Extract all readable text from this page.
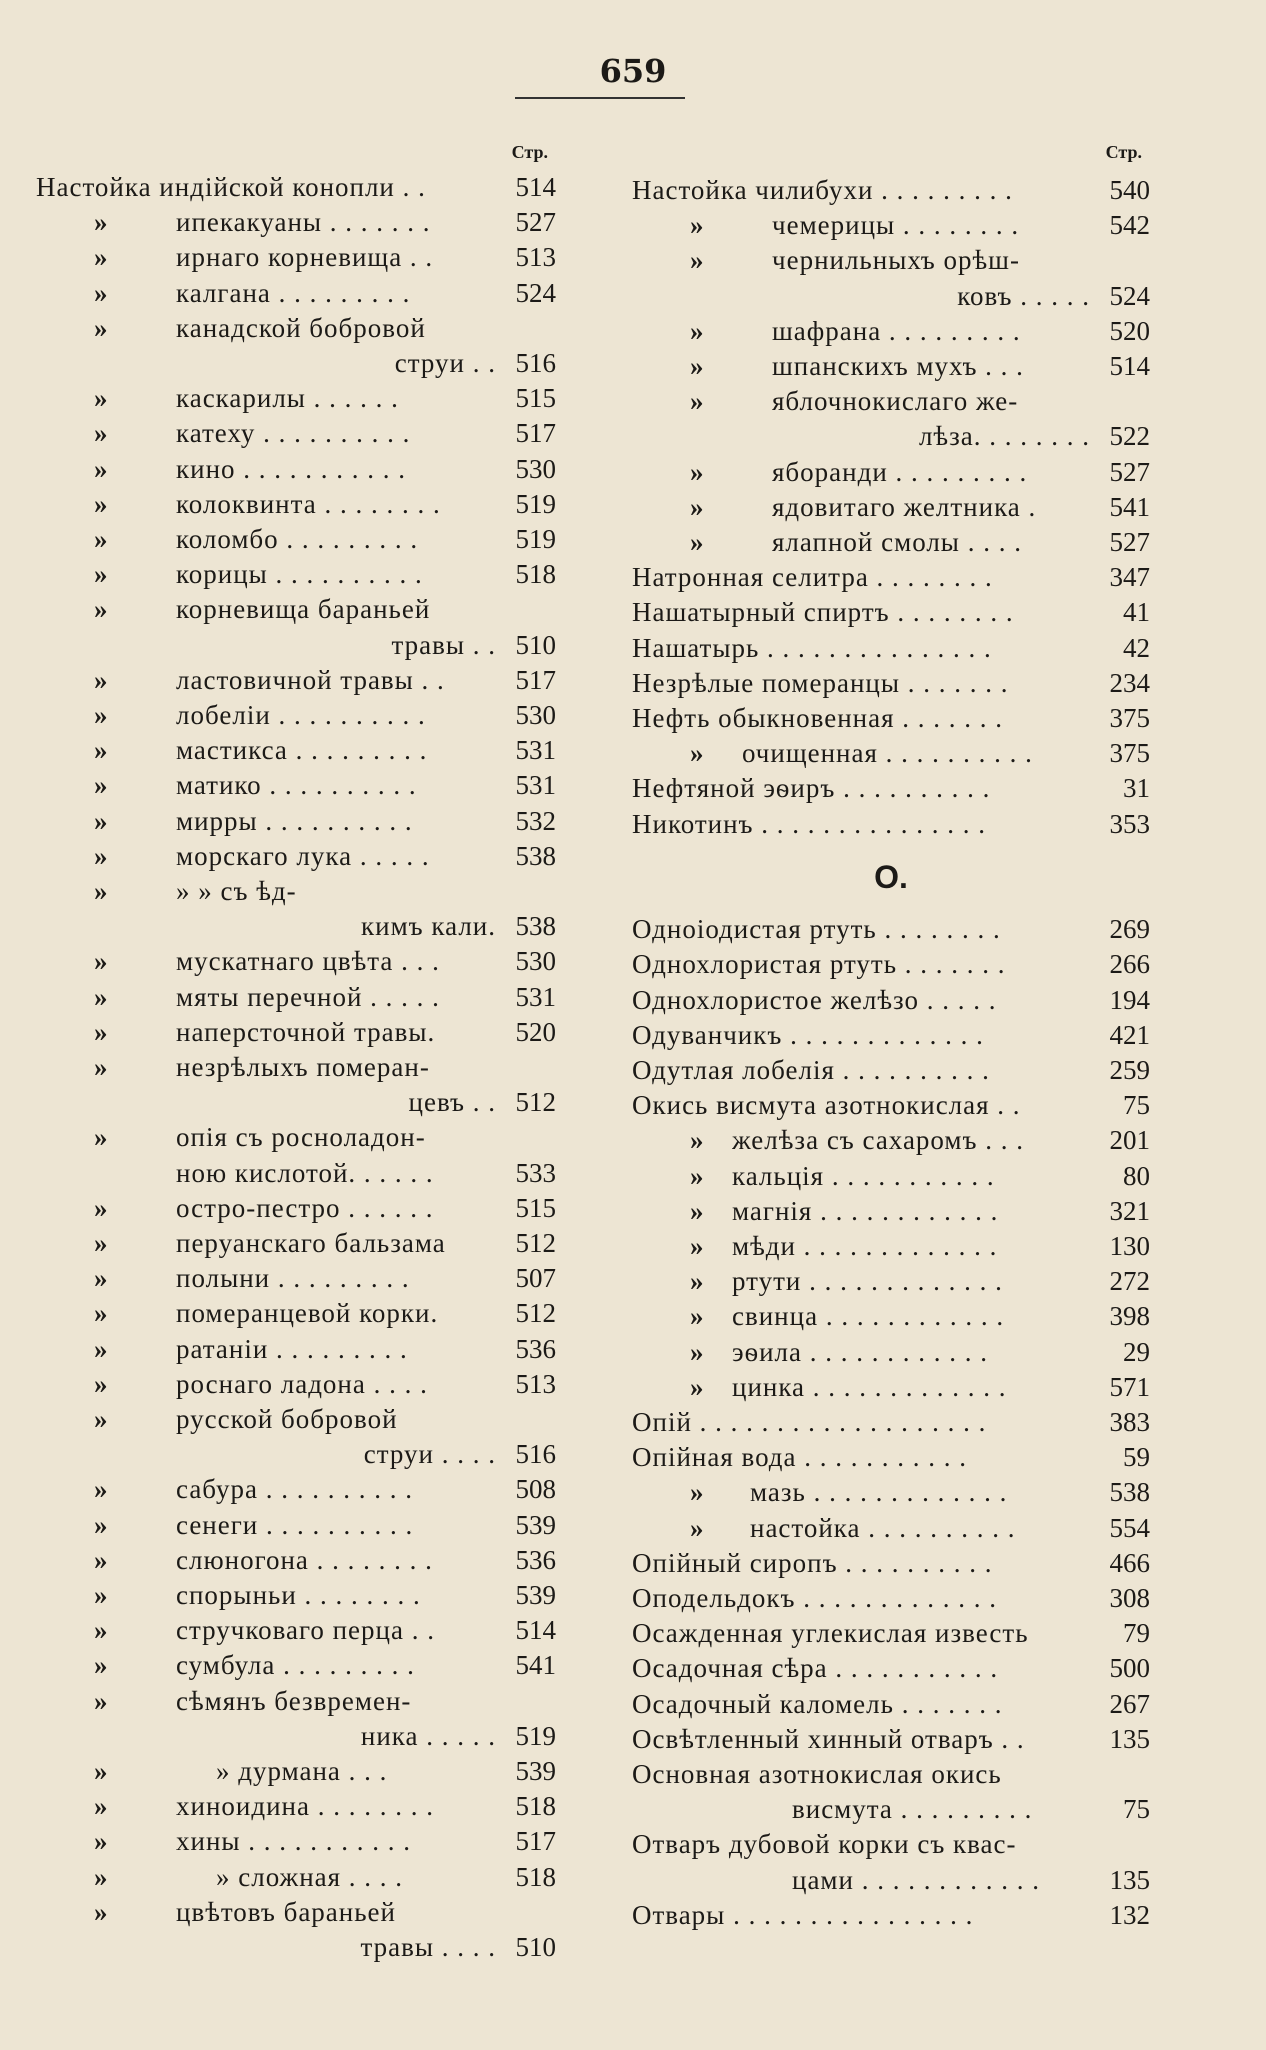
659
Стр.
Настойка индійской конопли . .	514
»	ипекакуаны . . . . . . .	527
»	ирнаго корневища . .	513
»	калгана . . . . . . . . .	524
»	канадской бобровой
струи . . 516
»	каскарилы . . . . . .	515
»	катеху . . . . . . . . . .	517
»	кино . . . . . . . . . . .	530
»	колоквинта . . . . . . . .	519
»	коломбо . . . . . . . . .	519
»	корицы . . . . . . . . . .	518
»	корневища бараньей
травы . . 510
»	ластовичной травы . .	517
»	лобеліи . . . . . . . . . .	530
»	мастикса . . . . . . . . .	531
»	матико . . . . . . . . . .	531
»	мирры . . . . . . . . . .	532
»	морскаго лука . . . . .	538
»	» » съ ѣд-
кимъ кали. 538
»	мускатнаго цвѣта . . .	530
»	мяты перечной . . . . .	531
»	наперсточной травы.	520
»	незрѣлыхъ померан-
цевъ . . 512
»	опія съ росноладон-
ною кислотой. . . . . .	533
»	остро-пестро . . . . . .	515
»	перуанскаго бальзама	512
»	полыни . . . . . . . . .	507
»	померанцевой корки.	512
»	ратаніи . . . . . . . . .	536
»	роснаго ладона . . . .	513
»	русской бобровой
струи . . . . 516
»	сабура . . . . . . . . . .	508
»	сенеги . . . . . . . . . .	539
»	слюногона . . . . . . . .	536
»	спорыньи . . . . . . . .	539
»	стручковаго перца . .	514
»	сумбула . . . . . . . . .	541
»	сѣмянъ безвремен-
ника . . . . . 519
»	» дурмана . . .	539
»	хиноидина . . . . . . . .	518
»	хины . . . . . . . . . . .	517
»	» сложная . . . .	518
»	цвѣтовъ бараньей
травы . . . . 510
Стр.
Настойка чилибухи . . . . . . . . .	540
»	чемерицы . . . . . . . .	542
»	чернильныхъ орѣш-
ковъ . . . . . 524
»	шафрана . . . . . . . . .	520
»	шпанскихъ мухъ . . .	514
»	яблочнокислаго же-
лѣза. . . . . . . . 522
»	яборанди . . . . . . . . .	527
»	ядовитаго желтника .	541
»	ялапной смолы . . . .	527
Натронная селитра . . . . . . . .	347
Нашатырный спиртъ . . . . . . . .	41
Нашатырь . . . . . . . . . . . . . . .	42
Незрѣлые померанцы . . . . . . .	234
Нефть обыкновенная . . . . . . .	375
» очищенная . . . . . . . . . .	375
Нефтяной эѳиръ . . . . . . . . . .	31
Никотинъ . . . . . . . . . . . . . . .	353
О.
Одноіодистая ртуть . . . . . . . .	269
Однохлористая ртуть . . . . . . .	266
Однохлористое желѣзо . . . . .	194
Одуванчикъ . . . . . . . . . . . . .	421
Одутлая лобелія . . . . . . . . . .	259
Окись висмута азотнокислая . .	75
» желѣза съ сахаромъ . . .	201
» кальція . . . . . . . . . . .	80
» магнія . . . . . . . . . . . .	321
» мѣди . . . . . . . . . . . . .	130
» ртути . . . . . . . . . . . . .	272
» свинца . . . . . . . . . . . .	398
» эѳила . . . . . . . . . . . .	29
» цинка . . . . . . . . . . . . .	571
Опій . . . . . . . . . . . . . . . . . . .	383
Опійная вода . . . . . . . . . . .	59
» мазь . . . . . . . . . . . . .	538
» настойка . . . . . . . . . .	554
Опійный сиропъ . . . . . . . . . .	466
Оподельдокъ . . . . . . . . . . . . .	308
Осажденная углекислая известь	79
Осадочная сѣра . . . . . . . . . . .	500
Осадочный каломель . . . . . . .	267
Освѣтленный хинный отваръ . .	135
Основная азотнокислая окись
висмута . . . . . . . . .	75
Отваръ дубовой корки съ квас-
цами . . . . . . . . . . . .	135
Отвары . . . . . . . . . . . . . . . .	132
